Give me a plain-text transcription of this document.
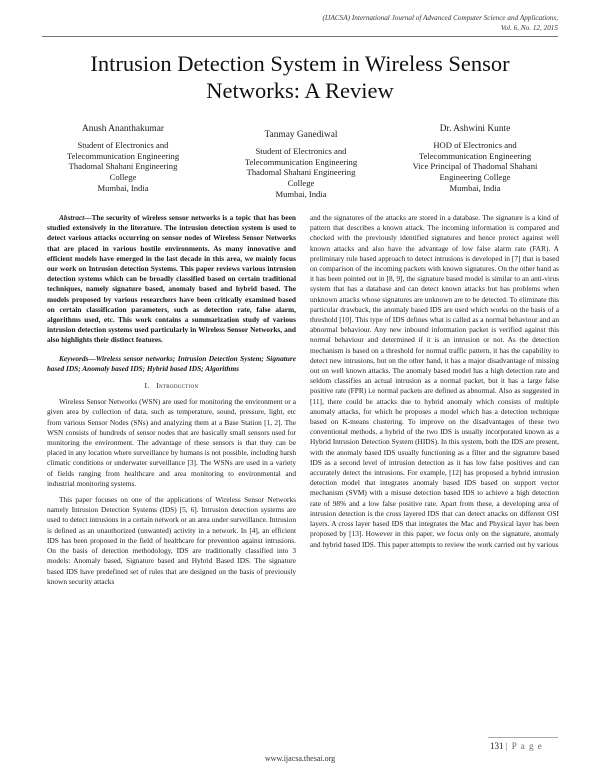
(IJACSA) International Journal of Advanced Computer Science and Applications,
Vol. 6, No. 12, 2015
Intrusion Detection System in Wireless Sensor
Networks: A Review
Anush Ananthakumar
Student of Electronics and
Telecommunication Engineering
Thadomal Shahani Engineering
College
Mumbai, India
Tanmay Ganediwal
Student of Electronics and
Telecommunication Engineering
Thadomal Shahani Engineering
College
Mumbai, India
Dr. Ashwini Kunte
HOD of Electronics and
Telecommunication Engineering
Vice Principal of Thadomal Shahani
Engineering College
Mumbai, India

Abstract—The security of wireless sensor networks is a topic that has been studied extensively in the literature. The intrusion detection system is used to detect various attacks occurring on sensor nodes of Wireless Sensor Networks that are placed in various hostile environments. As many innovative and efficient models have emerged in the last decade in this area, we mainly focus our work on Intrusion detection Systems. This paper reviews various intrusion detection systems which can be broadly classified based on certain traditional techniques, namely signature based, anomaly based and hybrid based. The models proposed by various researchers have been critically examined based on certain classification parameters, such as detection rate, false alarm, algorithms used, etc. This work contains a summarization study of various intrusion detection systems used particularly in Wireless Sensor Networks, and also highlights their distinct features.

Keywords—Wireless sensor networks; Intrusion Detection System; Signature based IDS; Anomaly based IDS; Hybrid based IDS; Algorithms

I. Introduction

Wireless Sensor Networks (WSN) are used for monitoring the environment or a given area by collection of data, such as temperature, sound, pressure, light, etc from various Sensor Nodes (SNs) and analyzing them at a Base Station [1, 2]. The WSN consists of hundreds of sensor nodes that are basically small sensors used for monitoring the environment. The advantage of these sensors is that they can be placed in any location where surveillance by humans is not possible, including harsh climatic conditions or underwater surveillance [3]. The WSNs are used in a variety of fields ranging from healthcare and area monitoring to environmental and industrial monitoring systems.

This paper focuses on one of the applications of Wireless Sensor Networks namely Intrusion Detection Systems (IDS) [5, 6]. Intrusion detection systems are used to detect intrusions in a certain network or an area under surveillance. Intrusion is defined as an unauthorized (unwanted) activity in a network. In [4], an efficient IDS has been proposed in the field of healthcare for prevention against intrusions. On the basis of detection methodology, IDS are traditionally classified into 3 models: Anomaly based, Signature based and Hybrid Based IDS. The signature based IDS have predefined set of rules that are designed on the basis of previously known security attacks

and the signatures of the attacks are stored in a database. The signature is a kind of pattern that describes a known attack. The incoming information is compared and checked with the previously identified signatures and hence protect against well known attacks and also have the advantage of low false alarm rate (FAR). A preliminary rule based approach to detect intrusions is developed in [7] that is based on comparison of the incoming packets with known signatures. On the other hand as it has been pointed out in [8, 9], the signature based model is similar to an anti-virus system that has a database and can detect known attacks but has problems when unknown attacks whose signatures are unknown are to be detected. To eliminate this particular drawback, the anomaly based IDS are used which works on the basis of a threshold [10]. This type of IDS defines what is called as a normal behaviour and an abnormal behaviour. Any new inbound information packet is verified against this normal behaviour and determined if it is an intrusion or not. As the detection mechanism is based on a threshold for normal traffic pattern, it has the capability to detect new intrusions, but on the other hand, it has a major disadvantage of missing out on well known attacks. The anomaly based model has a high detection rate and seldom classifies an actual intrusion as a normal packet, but it has a large false positive rate (FPR) i.e normal packets are defined as abnormal. Also as suggested in [11], there could be attacks due to hybrid anomaly which consists of multiple anomaly attacks, for which he proposes a model which has a detection technique based on K-means clustering. To improve on the disadvantages of these two conventional methods, a hybrid of the two IDS is usually incorporated known as a Hybrid Intrusion Detection System (HIDS). In this system, both the IDS are present, with the anomaly based IDS usually functioning as a filter and the signature based IDS as a second level of intrusion detection as it has low false positives and can accurately detect the intrusions. For example, [12] has proposed a hybrid intrusion detection model that integrates anomaly based IDS based on support vector mechanism (SVM) with a misuse detection based IDS to achieve a high detection rate of 98% and a low false positive rate. Apart from these, a developing area of intrusion detection is the cross layered IDS that can detect attacks on different OSI layers. A cross layer based IDS that integrates the Mac and Physical layer has been proposed by [13]. However in this paper, we focus only on the signature, anomaly and hybrid based IDS. This paper attempts to review the work carried out by various

131 | P a g e
www.ijacsa.thesai.org
